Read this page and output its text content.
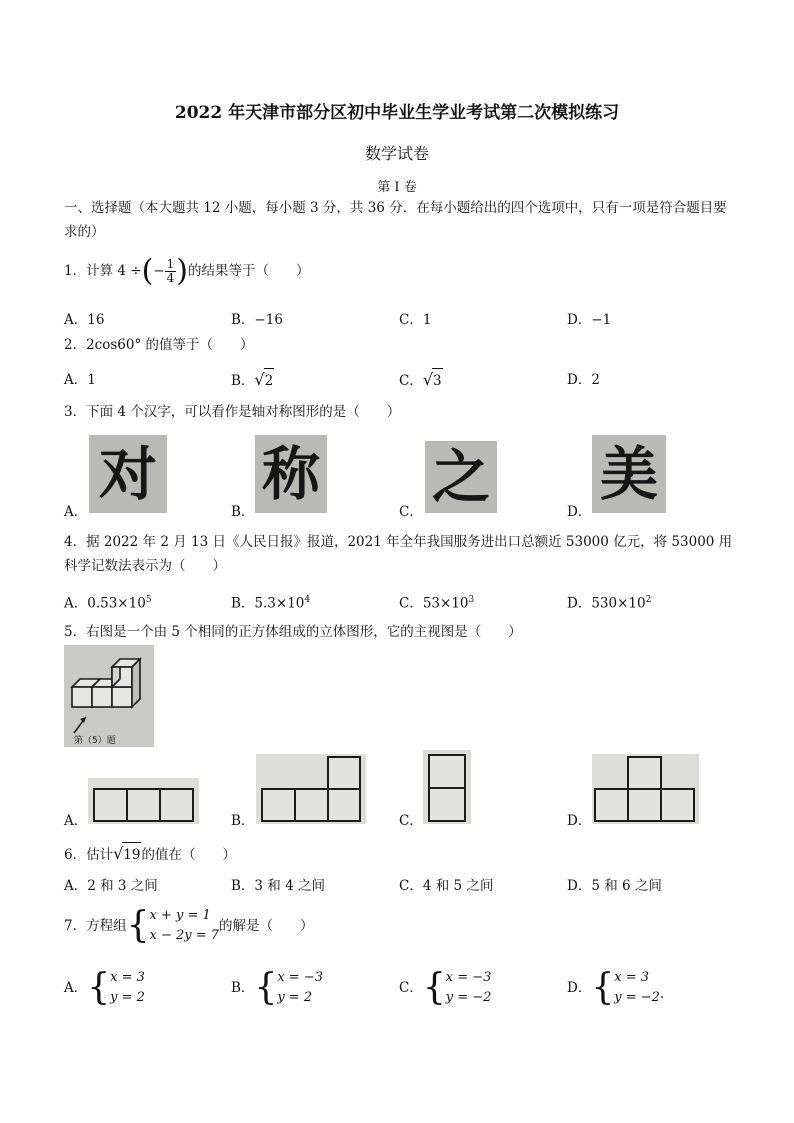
2022 年天津市部分区初中毕业生学业考试第二次模拟练习
数学试卷
第 I 卷
一、选择题（本大题共 12 小题，每小题 3 分，共 36 分．在每小题给出的四个选项中，只有一项是符合题目要求的）
1．计算 4 ÷(− $\frac{1}{4}$ )的结果等于（　　）
A．16	B．−16	C．1	D．−1
2．2cos60° 的值等于（　　）
A．1	B．√2	C．√3	D．2
3．下面 4 个汉字，可以看作是轴对称图形的是（　　）
A．
对
B．
称
C．
之
D．
美
4．据 2022 年 2 月 13 日《人民日报》报道，2021 年全年我国服务进出口总额近 53000 亿元，将 53000 用科学记数法表示为（　　）
A．$0.53\times 10^5$	B．$5.3\times 10^4$	C．$53\times 10^3$	D．$530\times 10^2$
5．右图是一个由 5 个相同的正方体组成的立体图形，它的主视图是（　　）
第（5）题
A．	B．	C．	D．
6．估计√19的值在（　　）
A．2 和 3 之间	B．3 和 4 之间	C．4 和 5 之间	D．5 和 6 之间
7．方程组 { x + y = 1
x − 2y = 7
的解是（　　）
A． { x = 3
y = 2
B． { x = −3
y = 2
C． { x = −3
y = −2
D． { x = 3
y = −2 .
